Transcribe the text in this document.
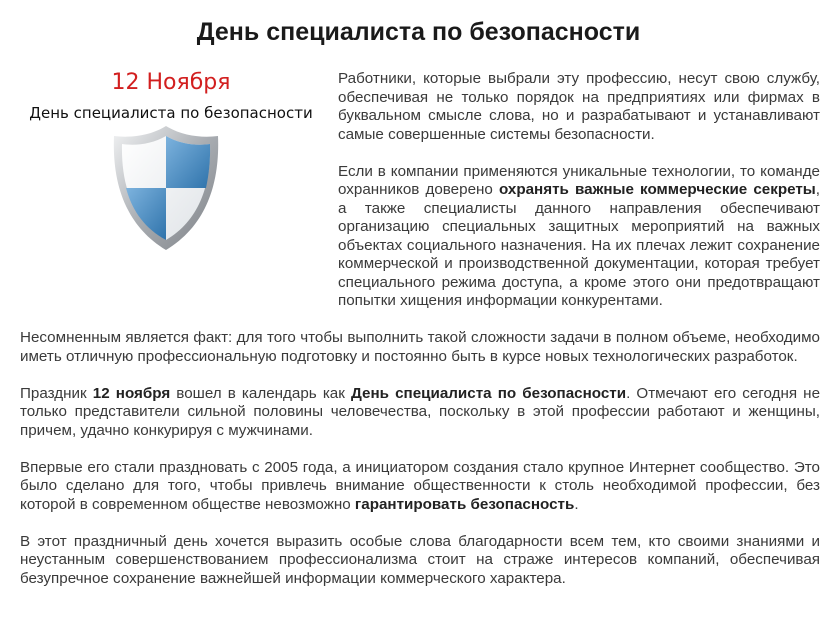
День специалиста по безопасности
12 Ноября
День специалиста по безопасности

Работники, которые выбрали эту профессию, несут свою службу, обеспечивая не только порядок на предприятиях или фирмах в буквальном смысле слова, но и разрабатывают и устанавливают самые совершенные системы безопасности.

Если в компании применяются уникальные технологии, то команде охранников доверено охранять важные коммерческие секреты, а также специалисты данного направления обеспечивают организацию специальных защитных мероприятий на важных объектах социального назначения. На их плечах лежит сохранение коммерческой и производственной документации, которая требует специального режима доступа, а кроме этого они предотвращают попытки хищения информации конкурентами.

Несомненным является факт: для того чтобы выполнить такой сложности задачи в полном объеме, необходимо иметь отличную профессиональную подготовку и постоянно быть в курсе новых технологических разработок.

Праздник 12 ноября вошел в календарь как День специалиста по безопасности. Отмечают его сегодня не только представители сильной половины человечества, поскольку в этой профессии работают и женщины, причем, удачно конкурируя с мужчинами.

Впервые его стали праздновать с 2005 года, а инициатором создания стало крупное Интернет сообщество. Это было сделано для того, чтобы привлечь внимание общественности к столь необходимой профессии, без которой в современном обществе невозможно гарантировать безопасность.

В этот праздничный день хочется выразить особые слова благодарности всем тем, кто своими знаниями и неустанным совершенствованием профессионализма стоит на страже интересов компаний, обеспечивая безупречное сохранение важнейшей информации коммерческого характера.
